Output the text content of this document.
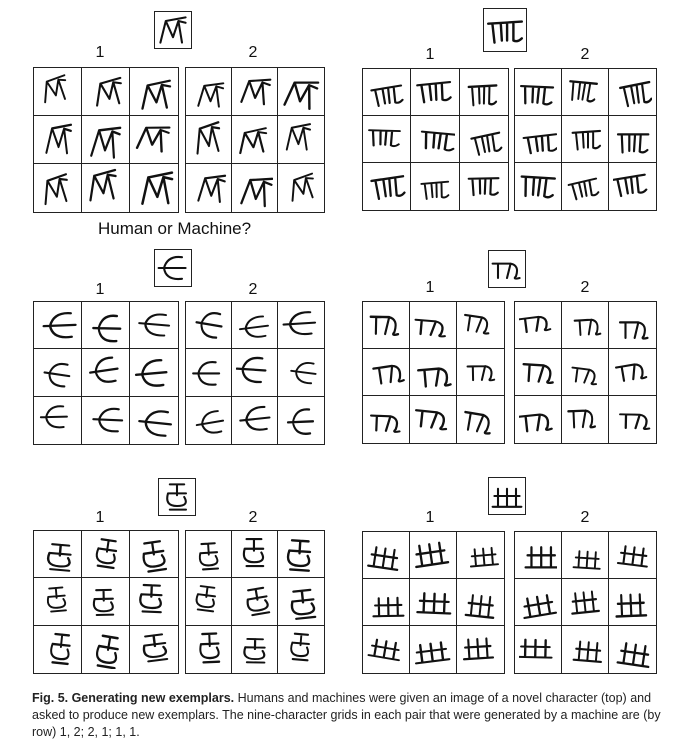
1	2	1	2
Human or Machine?
1	2	1	2
1	2	1	2
Fig. 5. Generating new exemplars. Humans and machines were given an image of a novel character (top) and asked to produce new exemplars. The nine-character grids in each pair that were generated by a machine are (by row) 1, 2; 2, 1; 1, 1.
